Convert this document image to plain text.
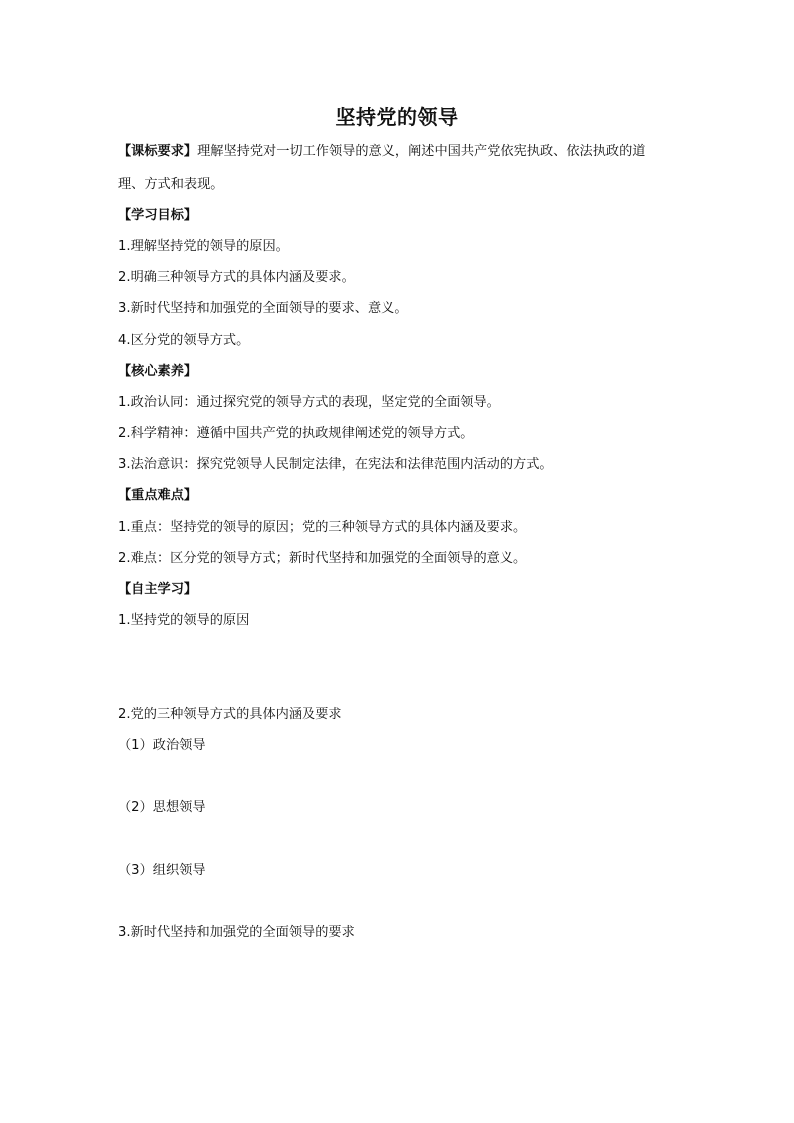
坚持党的领导
【课标要求】理解坚持党对一切工作领导的意义，阐述中国共产党依宪执政、依法执政的道
理、方式和表现。
【学习目标】
1.理解坚持党的领导的原因。
2.明确三种领导方式的具体内涵及要求。
3.新时代坚持和加强党的全面领导的要求、意义。
4.区分党的领导方式。
【核心素养】
1.政治认同：通过探究党的领导方式的表现，坚定党的全面领导。
2.科学精神：遵循中国共产党的执政规律阐述党的领导方式。
3.法治意识：探究党领导人民制定法律，在宪法和法律范围内活动的方式。
【重点难点】
1.重点：坚持党的领导的原因；党的三种领导方式的具体内涵及要求。
2.难点：区分党的领导方式；新时代坚持和加强党的全面领导的意义。
【自主学习】
1.坚持党的领导的原因
2.党的三种领导方式的具体内涵及要求
（1）政治领导
（2）思想领导
（3）组织领导
3.新时代坚持和加强党的全面领导的要求
